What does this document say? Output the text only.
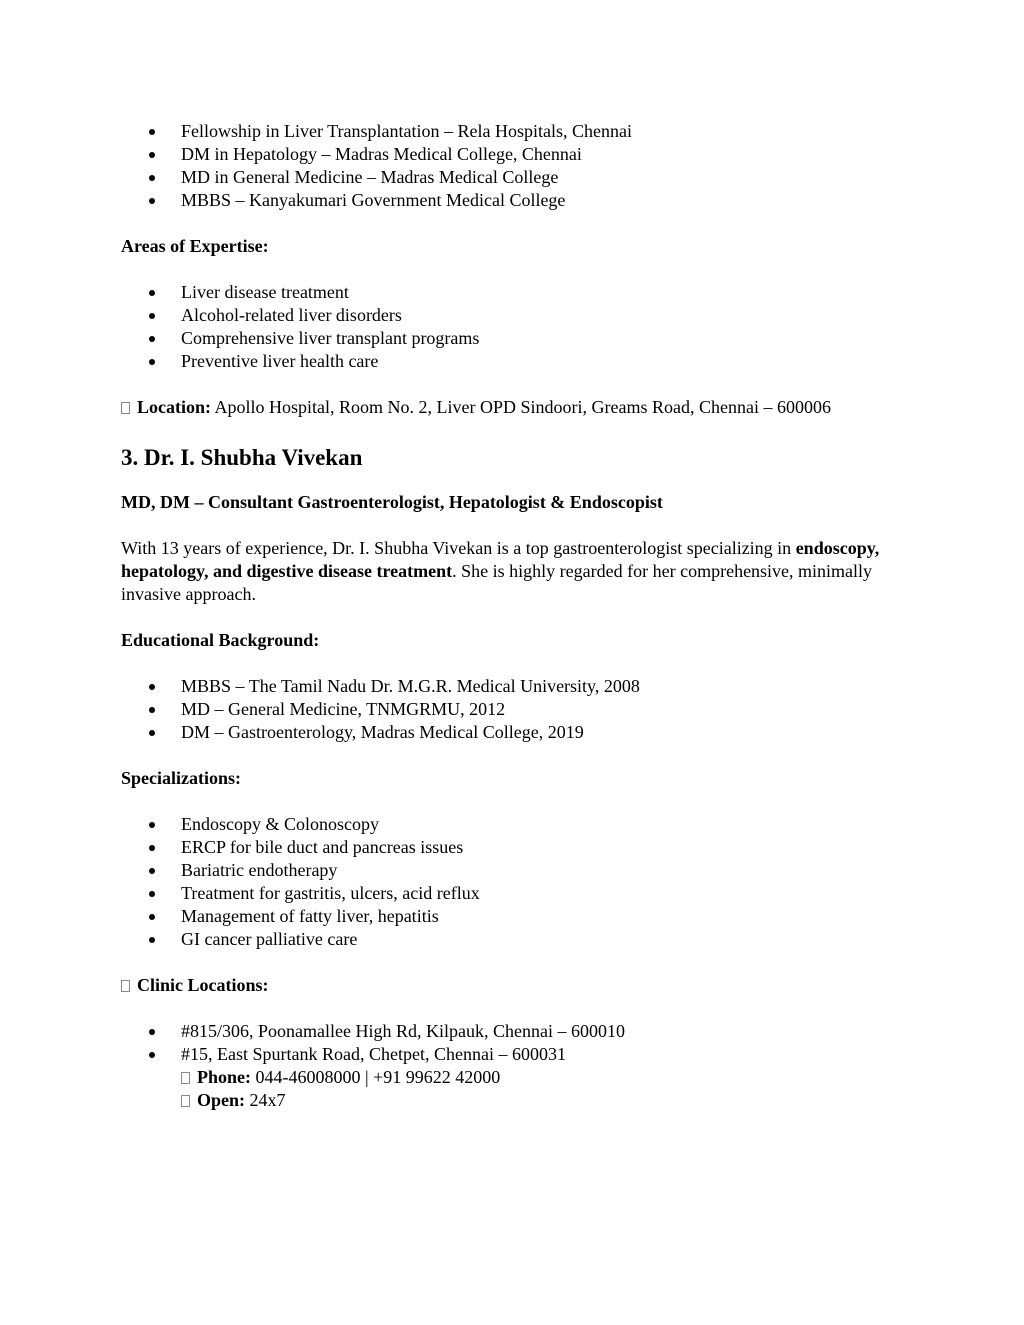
Fellowship in Liver Transplantation – Rela Hospitals, Chennai
DM in Hepatology – Madras Medical College, Chennai
MD in General Medicine – Madras Medical College
MBBS – Kanyakumari Government Medical College
Areas of Expertise:
Liver disease treatment
Alcohol-related liver disorders
Comprehensive liver transplant programs
Preventive liver health care

Location: Apollo Hospital, Room No. 2, Liver OPD Sindoori, Greams Road, Chennai – 600006

3. Dr. I. Shubha Vivekan
MD, DM – Consultant Gastroenterologist, Hepatologist & Endoscopist

With 13 years of experience, Dr. I. Shubha Vivekan is a top gastroenterologist specializing in endoscopy, hepatology, and digestive disease treatment. She is highly regarded for her comprehensive, minimally invasive approach.

Educational Background:
MBBS – The Tamil Nadu Dr. M.G.R. Medical University, 2008
MD – General Medicine, TNMGRMU, 2012
DM – Gastroenterology, Madras Medical College, 2019
Specializations:
Endoscopy & Colonoscopy
ERCP for bile duct and pancreas issues
Bariatric endotherapy
Treatment for gastritis, ulcers, acid reflux
Management of fatty liver, hepatitis
GI cancer palliative care
Clinic Locations:
#815/306, Poonamallee High Rd, Kilpauk, Chennai – 600010
#15, East Spurtank Road, Chetpet, Chennai – 600031
Phone: 044-46008000 | +91 99622 42000
Open: 24x7
